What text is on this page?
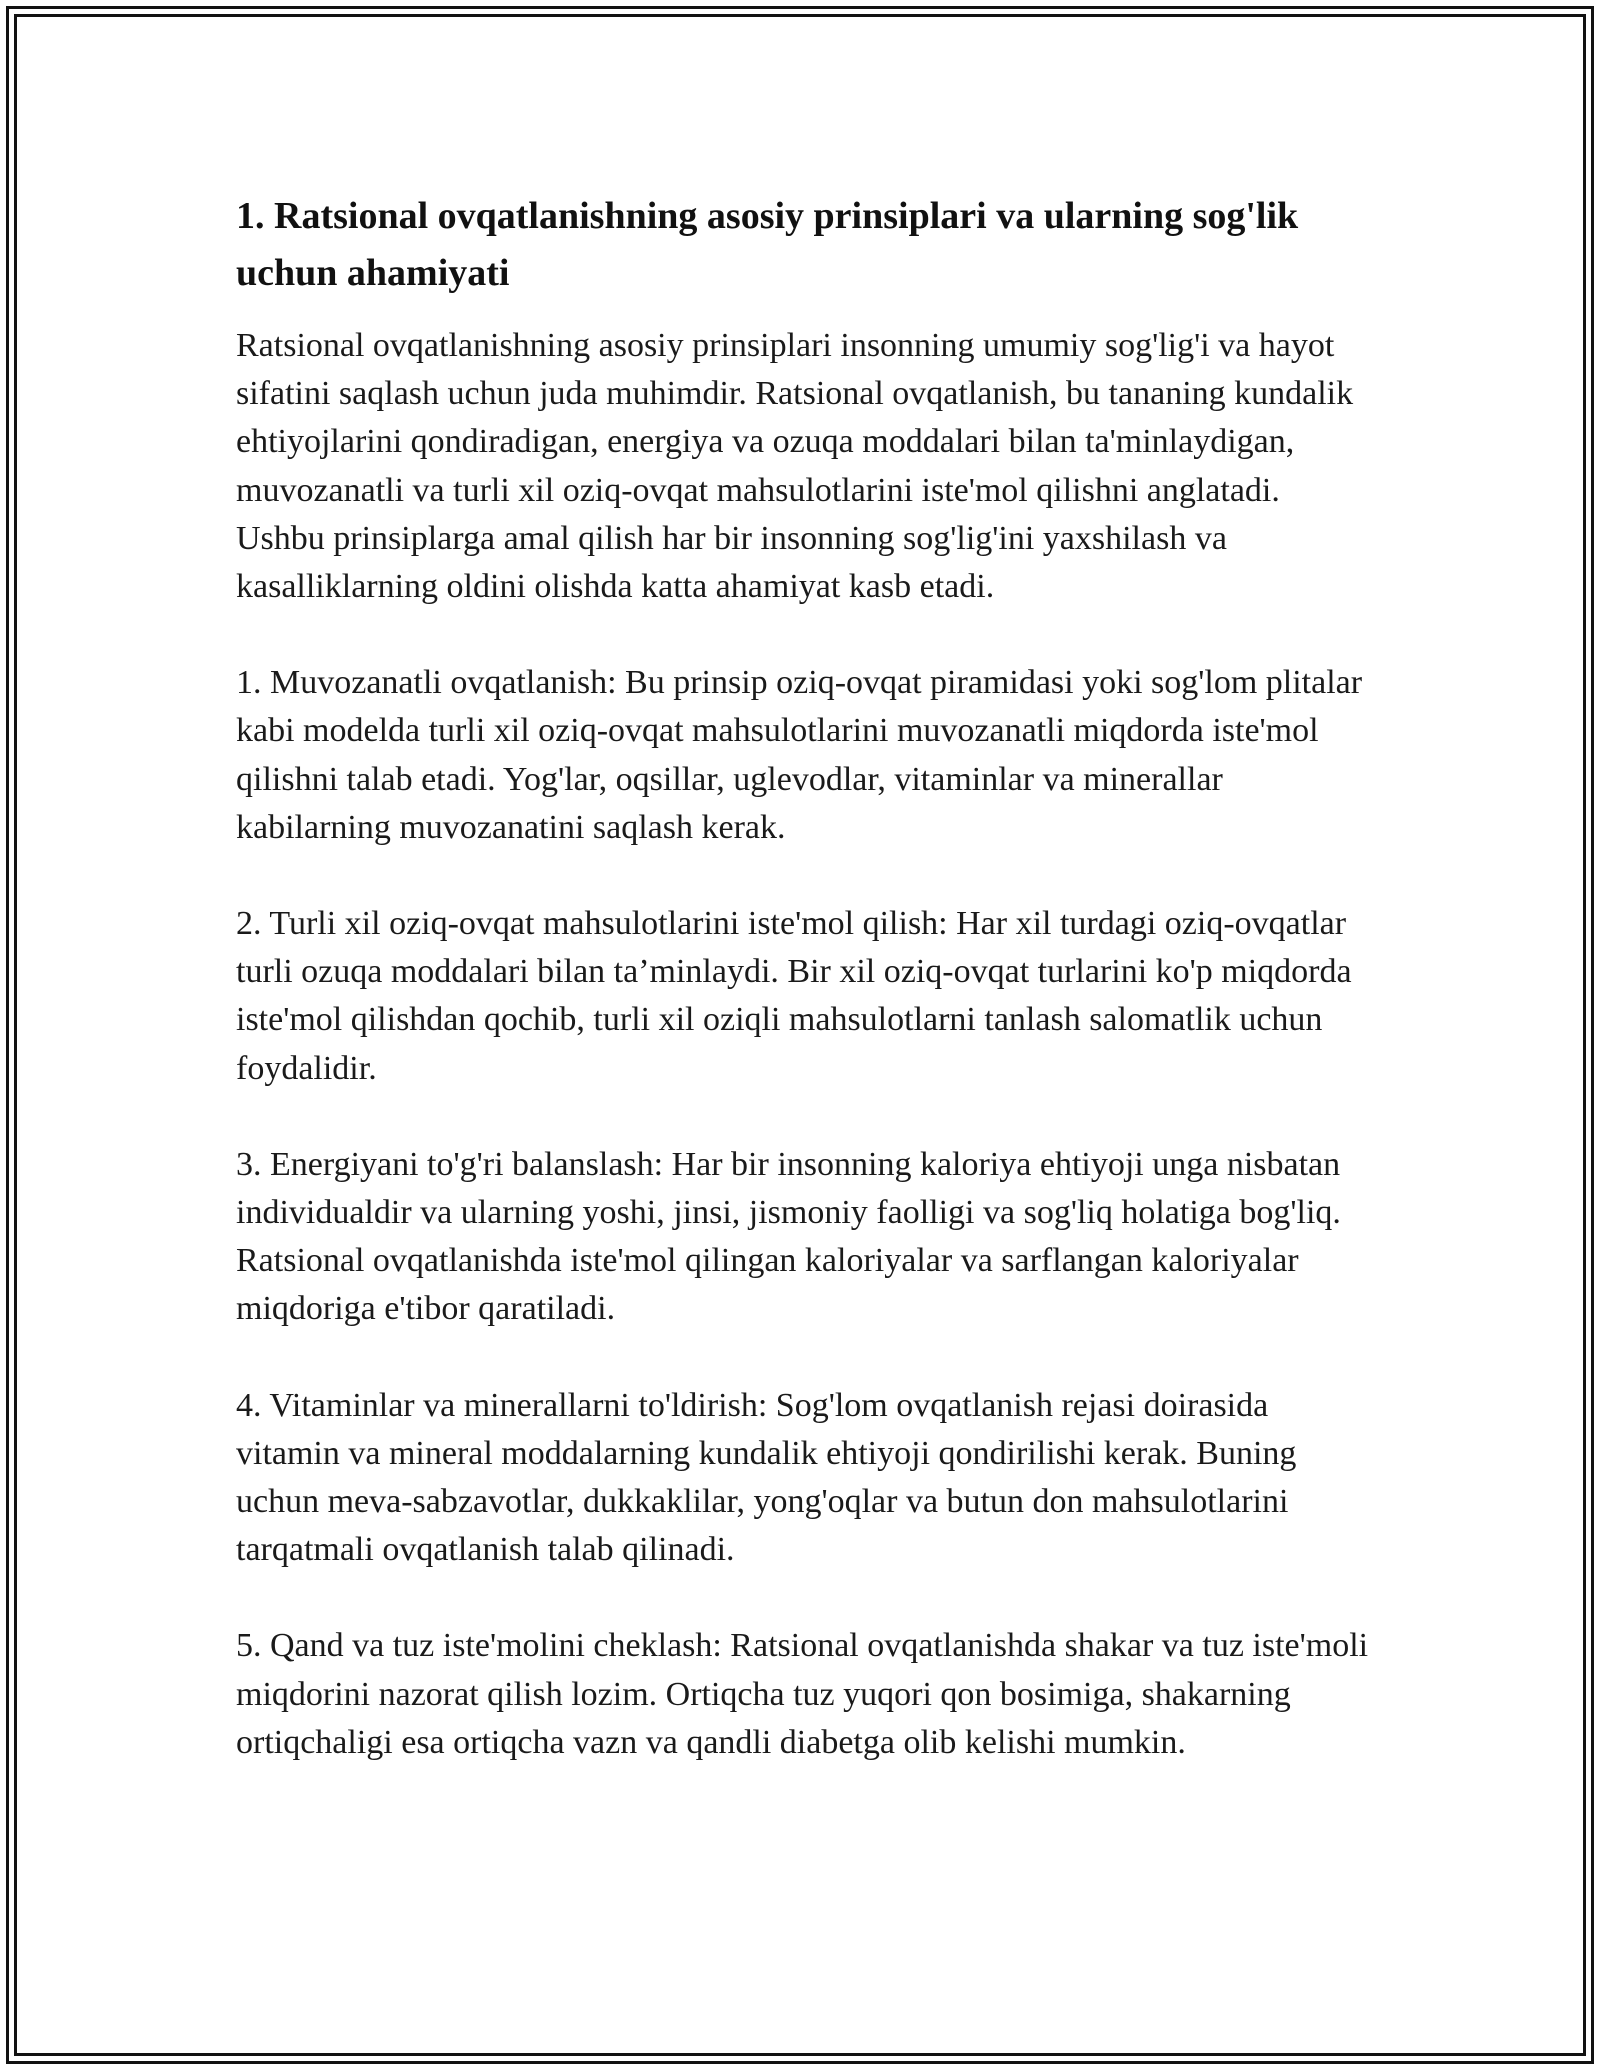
1. Ratsional ovqatlanishning asosiy prinsiplari va ularning sog'lik uchun ahamiyati

Ratsional ovqatlanishning asosiy prinsiplari insonning umumiy sog'lig'i va hayot sifatini saqlash uchun juda muhimdir. Ratsional ovqatlanish, bu tananing kundalik ehtiyojlarini qondiradigan, energiya va ozuqa moddalari bilan ta'minlaydigan, muvozanatli va turli xil oziq-ovqat mahsulotlarini iste'mol qilishni anglatadi. Ushbu prinsiplarga amal qilish har bir insonning sog'lig'ini yaxshilash va kasalliklarning oldini olishda katta ahamiyat kasb etadi.

1. Muvozanatli ovqatlanish: Bu prinsip oziq-ovqat piramidasi yoki sog'lom plitalar kabi modelda turli xil oziq-ovqat mahsulotlarini muvozanatli miqdorda iste'mol qilishni talab etadi. Yog'lar, oqsillar, uglevodlar, vitaminlar va minerallar kabilarning muvozanatini saqlash kerak.

2. Turli xil oziq-ovqat mahsulotlarini iste'mol qilish: Har xil turdagi oziq-ovqatlar turli ozuqa moddalari bilan ta’minlaydi. Bir xil oziq-ovqat turlarini ko'p miqdorda iste'mol qilishdan qochib, turli xil oziqli mahsulotlarni tanlash salomatlik uchun foydalidir.

3. Energiyani to'g'ri balanslash: Har bir insonning kaloriya ehtiyoji unga nisbatan individualdir va ularning yoshi, jinsi, jismoniy faolligi va sog'liq holatiga bog'liq. Ratsional ovqatlanishda iste'mol qilingan kaloriyalar va sarflangan kaloriyalar miqdoriga e'tibor qaratiladi.

4. Vitaminlar va minerallarni to'ldirish: Sog'lom ovqatlanish rejasi doirasida vitamin va mineral moddalarning kundalik ehtiyoji qondirilishi kerak. Buning uchun meva-sabzavotlar, dukkaklilar, yong'oqlar va butun don mahsulotlarini tarqatmali ovqatlanish talab qilinadi.

5. Qand va tuz iste'molini cheklash: Ratsional ovqatlanishda shakar va tuz iste'moli miqdorini nazorat qilish lozim. Ortiqcha tuz yuqori qon bosimiga, shakarning ortiqchaligi esa ortiqcha vazn va qandli diabetga olib kelishi mumkin.
